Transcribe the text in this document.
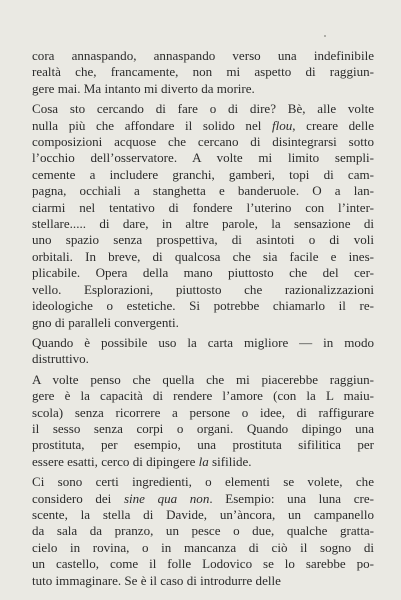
cora annaspando, annaspando verso una indefinibile
realtà che, francamente, non mi aspetto di raggiun-
gere mai. Ma intanto mi diverto da morire.
Cosa sto cercando di fare o di dire? Bè, alle volte
nulla più che affondare il solido nel flou, creare delle
composizioni acquose che cercano di disintegrarsi sotto
l’occhio dell’osservatore. A volte mi limito sempli-
cemente a includere granchi, gamberi, topi di cam-
pagna, occhiali a stanghetta e banderuole. O a lan-
ciarmi nel tentativo di fondere l’uterino con l’inter-
stellare..... di dare, in altre parole, la sensazione di
uno spazio senza prospettiva, di asintoti o di voli
orbitali. In breve, di qualcosa che sia facile e ines-
plicabile. Opera della mano piuttosto che del cer-
vello. Esplorazioni, piuttosto che razionalizzazioni
ideologiche o estetiche. Si potrebbe chiamarlo il re-
gno di paralleli convergenti.
Quando è possibile uso la carta migliore — in modo
distruttivo.
A volte penso che quella che mi piacerebbe raggiun-
gere è la capacità di rendere l’amore (con la L maiu-
scola) senza ricorrere a persone o idee, di raffigurare
il sesso senza corpi o organi. Quando dipingo una
prostituta, per esempio, una prostituta sifilitica per
essere esatti, cerco di dipingere la sifilide.
Ci sono certi ingredienti, o elementi se volete, che
considero dei sine qua non. Esempio: una luna cre-
scente, la stella di Davide, un’àncora, un campanello
da sala da pranzo, un pesce o due, qualche gratta-
cielo in rovina, o in mancanza di ciò il sogno di
un castello, come il folle Lodovico se lo sarebbe po-
tuto immaginare. Se è il caso di introdurre delle
